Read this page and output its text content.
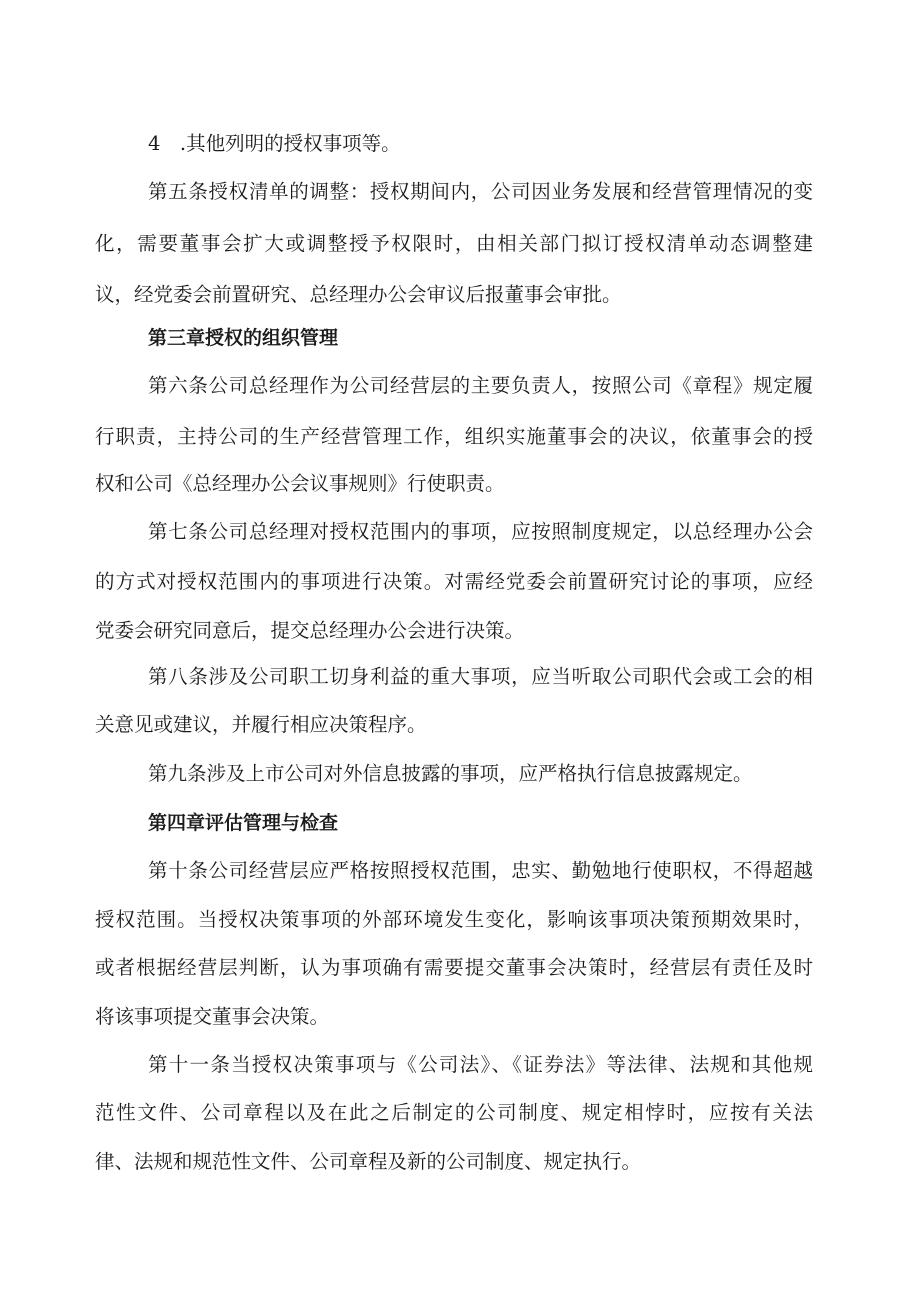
4 .其他列明的授权事项等。

第五条授权清单的调整：授权期间内，公司因业务发展和经营管理情况的变

化，需要董事会扩大或调整授予权限时，由相关部门拟订授权清单动态调整建

议，经党委会前置研究、总经理办公会审议后报董事会审批。

第三章授权的组织管理

第六条公司总经理作为公司经营层的主要负责人，按照公司《章程》规定履

行职责，主持公司的生产经营管理工作，组织实施董事会的决议，依董事会的授

权和公司《总经理办公会议事规则》行使职责。

第七条公司总经理对授权范围内的事项，应按照制度规定，以总经理办公会

的方式对授权范围内的事项进行决策。对需经党委会前置研究讨论的事项，应经

党委会研究同意后，提交总经理办公会进行决策。

第八条涉及公司职工切身利益的重大事项，应当听取公司职代会或工会的相

关意见或建议，并履行相应决策程序。

第九条涉及上市公司对外信息披露的事项，应严格执行信息披露规定。

第四章评估管理与检查

第十条公司经营层应严格按照授权范围，忠实、勤勉地行使职权，不得超越

授权范围。当授权决策事项的外部环境发生变化，影响该事项决策预期效果时，

或者根据经营层判断，认为事项确有需要提交董事会决策时，经营层有责任及时

将该事项提交董事会决策。

第十一条当授权决策事项与《公司法》、《证券法》等法律、法规和其他规

范性文件、公司章程以及在此之后制定的公司制度、规定相悖时，应按有关法

律、法规和规范性文件、公司章程及新的公司制度、规定执行。
